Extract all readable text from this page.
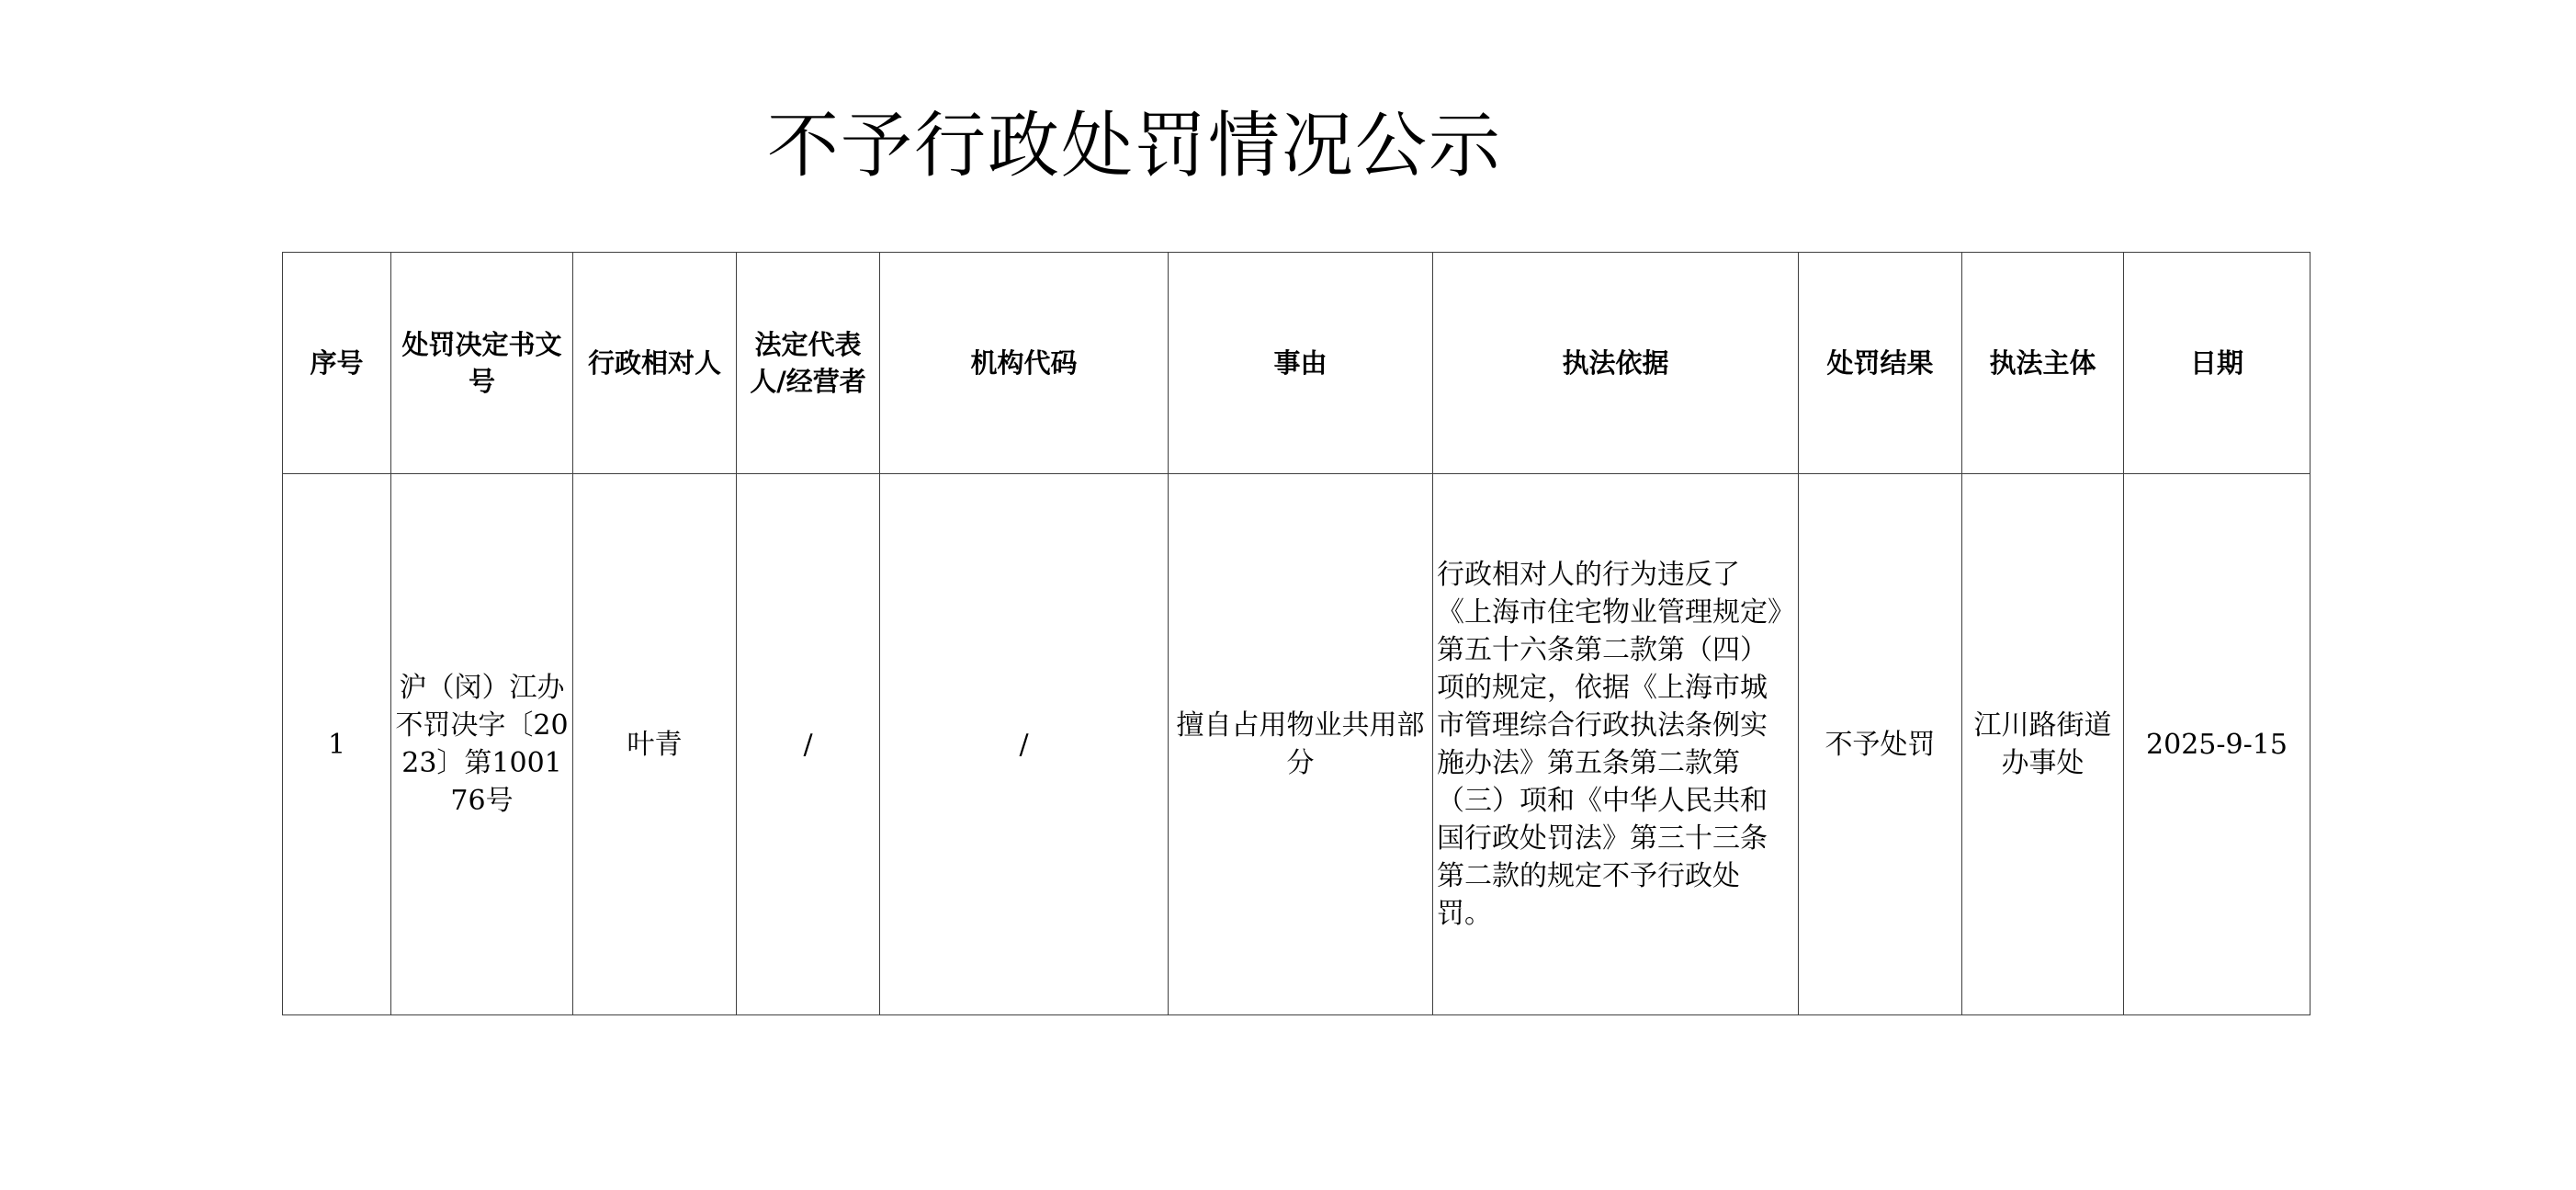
不予行政处罚情况公示
序号	处罚决定书文号	行政相对人	法定代表人/经营者	机构代码	事由	执法依据	处罚结果	执法主体	日期
1	沪（闵）江办不罚决字〔2023〕第100176号	叶青	/	/	擅自占用物业共用部分	行政相对人的行为违反了《上海市住宅物业管理规定》第五十六条第二款第（四）项的规定，依据《上海市城市管理综合行政执法条例实施办法》第五条第二款第（三）项和《中华人民共和国行政处罚法》第三十三条第二款的规定不予行政处罚。	不予处罚	江川路街道办事处	2025-9-15
